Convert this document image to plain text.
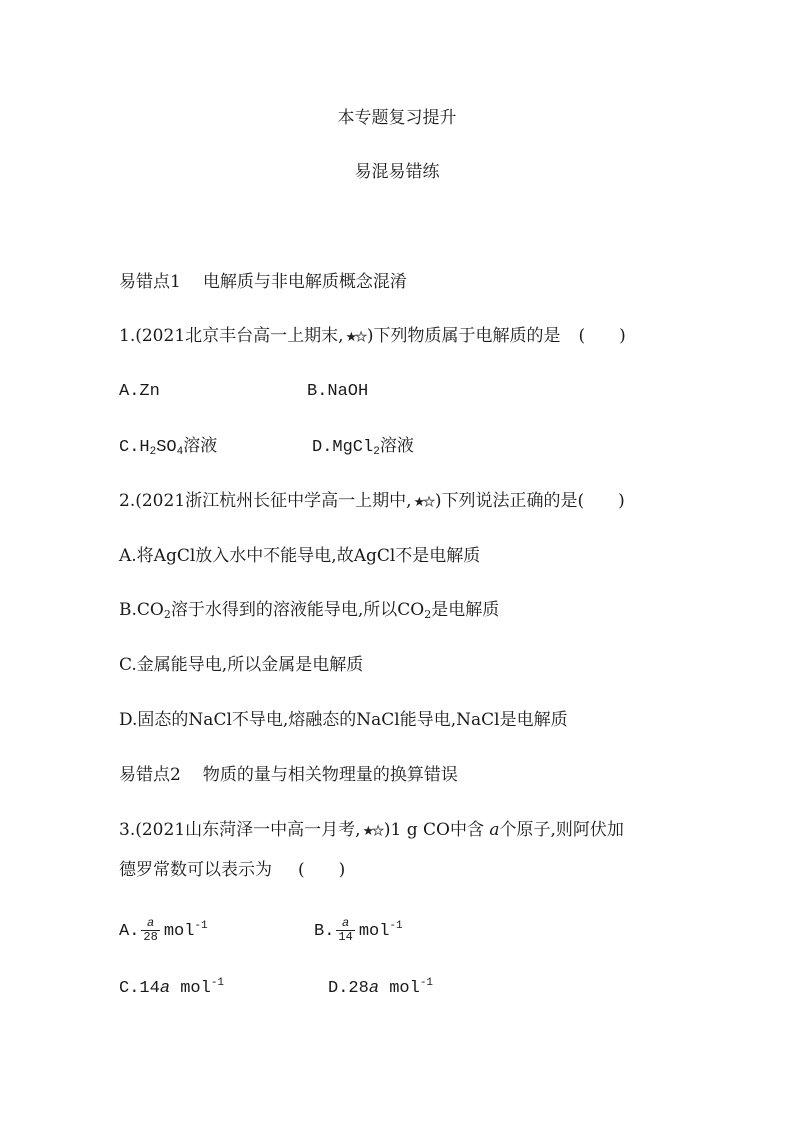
本专题复习提升
易混易错练
易错点1 电解质与非电解质概念混淆
1.(2021北京丰台高一上期末, ★★ )下列物质属于电解质的是 (　　)
A.Zn	B.NaOH
$C.H_2SO_4$溶液	D.MgCl$_2$溶液
2.(2021浙江杭州长征中学高一上期中, ★★ )下列说法正确的是(　　)
A.将AgCl放入水中不能导电,故AgCl不是电解质
$B.CO_2$溶于水得到的溶液能导电,所以$CO_2$是电解质
C.金属能导电,所以金属是电解质
D.固态的NaCl不导电,熔融态的NaCl能导电,NaCl是电解质
易错点2 物质的量与相关物理量的换算错误
3.(2021山东菏泽一中高一月考, ★★ )1 g CO中含 a个原子,则阿伏加
德罗常数可以表示为 (　　)
A. $\frac{a}{28} mol^{-1}$	B. $\frac{a}{14} mol^{-1}$
C.14a mol$^{-1}$	D.28a mol$^{-1}$
